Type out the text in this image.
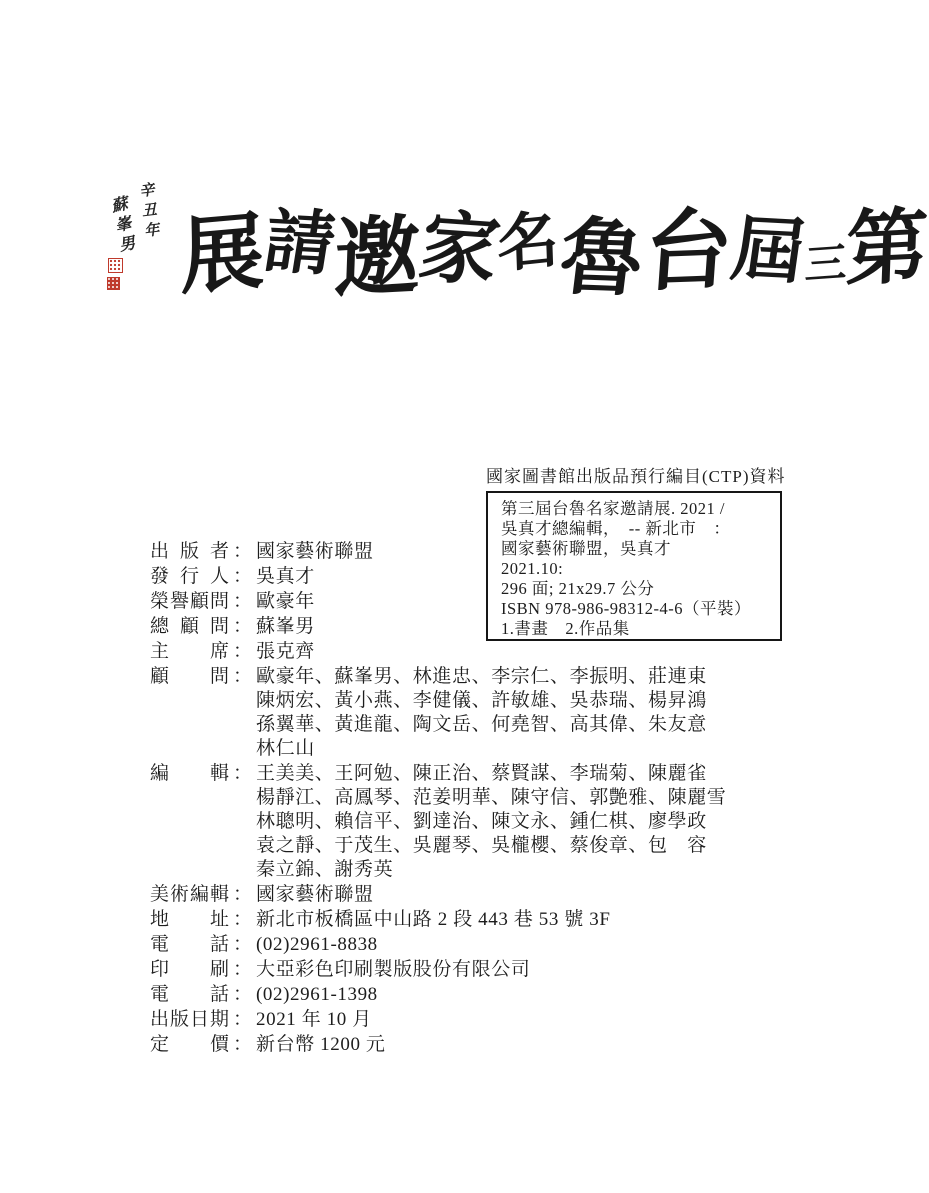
辛丑年
蘇峯男 展
請
邀
家
名
魯
台
屆
三
第
國家圖書館出版品預行編目(CTP)資料
第三屆台魯名家邀請展. 2021 /
吳真才總編輯，　-- 新北市　：
國家藝術聯盟，吳真才
2021.10:
296 面; 21x29.7 公分
ISBN 978-986-98312-4-6（平裝）
1.書畫　2.作品集
出版者 ： 國家藝術聯盟
發行人 ： 吳真才
榮譽顧問 ： 歐豪年
總顧問 ： 蘇峯男
主席 ： 張克齊
顧問 ： 歐豪年、蘇峯男、林進忠、李宗仁、李振明、莊連東
陳炳宏、黃小燕、李健儀、許敏雄、吳恭瑞、楊昇鴻
孫翼華、黃進龍、陶文岳、何堯智、高其偉、朱友意
林仁山
編輯 ： 王美美、王阿勉、陳正治、蔡賢謀、李瑞菊、陳麗雀
楊靜江、高鳳琴、范姜明華、陳守信、郭艶雅、陳麗雪
林聰明、賴信平、劉達治、陳文永、鍾仁棋、廖學政
袁之靜、于茂生、吳麗琴、吳櫳櫻、蔡俊章、包　容
秦立錦、謝秀英
美術編輯 ： 國家藝術聯盟
地址 ： 新北市板橋區中山路 2 段 443 巷 53 號 3F
電話 ： (02)2961-8838
印刷 ： 大亞彩色印刷製版股份有限公司
電話 ： (02)2961-1398
出版日期 ： 2021 年 10 月
定價 ： 新台幣 1200 元
